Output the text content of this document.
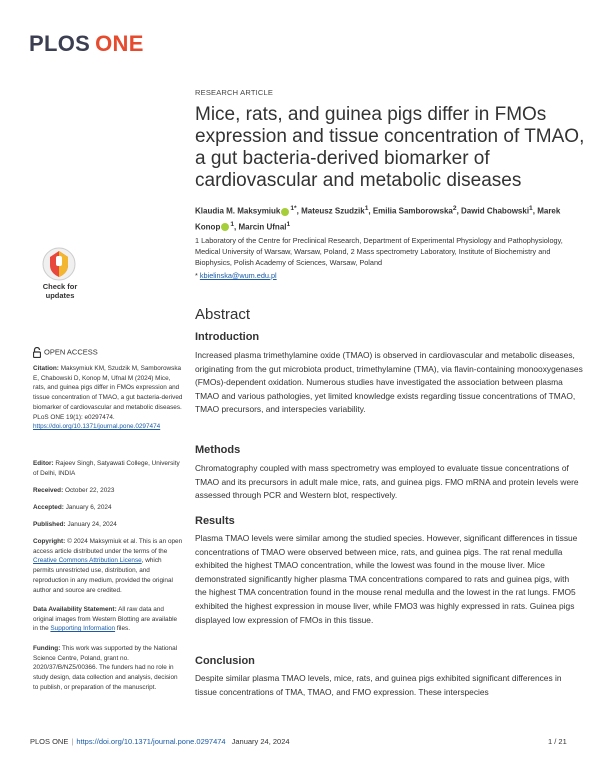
PLOS ONE
RESEARCH ARTICLE
Mice, rats, and guinea pigs differ in FMOs expression and tissue concentration of TMAO, a gut bacteria-derived biomarker of cardiovascular and metabolic diseases
Klaudia M. Maksymiuk $^{1*}$, Mateusz Szudzik$^1$, Emilia Samborowska$^2$, Dawid Chabowski$^1$, Marek Konop $^1$, Marcin Ufnal$^1$
1 Laboratory of the Centre for Preclinical Research, Department of Experimental Physiology and Pathophysiology, Medical University of Warsaw, Warsaw, Poland, 2 Mass spectrometry Laboratory, Institute of Biochemistry and Biophysics, Polish Academy of Sciences, Warsaw, Poland
* kbielinska@wum.edu.pl
Abstract
Introduction

Increased plasma trimethylamine oxide (TMAO) is observed in cardiovascular and metabolic diseases, originating from the gut microbiota product, trimethylamine (TMA), via flavin-containing monooxygenases (FMOs)-dependent oxidation. Numerous studies have investigated the association between plasma TMAO and various pathologies, yet limited knowledge exists regarding tissue concentrations of TMAO, TMAO precursors, and interspecies variability.

Methods

Chromatography coupled with mass spectrometry was employed to evaluate tissue concentrations of TMAO and its precursors in adult male mice, rats, and guinea pigs. FMO mRNA and protein levels were assessed through PCR and Western blot, respectively.

Results

Plasma TMAO levels were similar among the studied species. However, significant differences in tissue concentrations of TMAO were observed between mice, rats, and guinea pigs. The rat renal medulla exhibited the highest TMAO concentration, while the lowest was found in the mouse liver. Mice demonstrated significantly higher plasma TMA concentrations compared to rats and guinea pigs, with the highest TMA concentration found in the mouse renal medulla and the lowest in the rat lungs. FMO5 exhibited the highest expression in mouse liver, while FMO3 was highly expressed in rats. Guinea pigs displayed low expression of FMOs in this tissue.

Conclusion

Despite similar plasma TMAO levels, mice, rats, and guinea pigs exhibited significant differences in tissue concentrations of TMA, TMAO, and FMO expression. These interspecies

Check for
updates
OPEN ACCESS
Citation: Maksymiuk KM, Szudzik M, Samborowska E, Chabowski D, Konop M, Ufnal M (2024) Mice, rats, and guinea pigs differ in FMOs expression and tissue concentration of TMAO, a gut bacteria-derived biomarker of cardiovascular and metabolic diseases. PLoS ONE 19(1): e0297474. https://doi.org/10.1371/journal.pone.0297474
Editor: Rajeev Singh, Satyawati College, University of Delhi, INDIA
Received: October 22, 2023
Accepted: January 6, 2024
Published: January 24, 2024
Copyright: © 2024 Maksymiuk et al. This is an open access article distributed under the terms of the Creative Commons Attribution License, which permits unrestricted use, distribution, and reproduction in any medium, provided the original author and source are credited.
Data Availability Statement: All raw data and original images from Western Blotting are available in the Supporting Information files.
Funding: This work was supported by the National Science Centre, Poland, grant no. 2020/37/B/NZ5/00366. The funders had no role in study design, data collection and analysis, decision to publish, or preparation of the manuscript.
PLOS ONE | https://doi.org/10.1371/journal.pone.0297474 January 24, 2024	1 / 21
